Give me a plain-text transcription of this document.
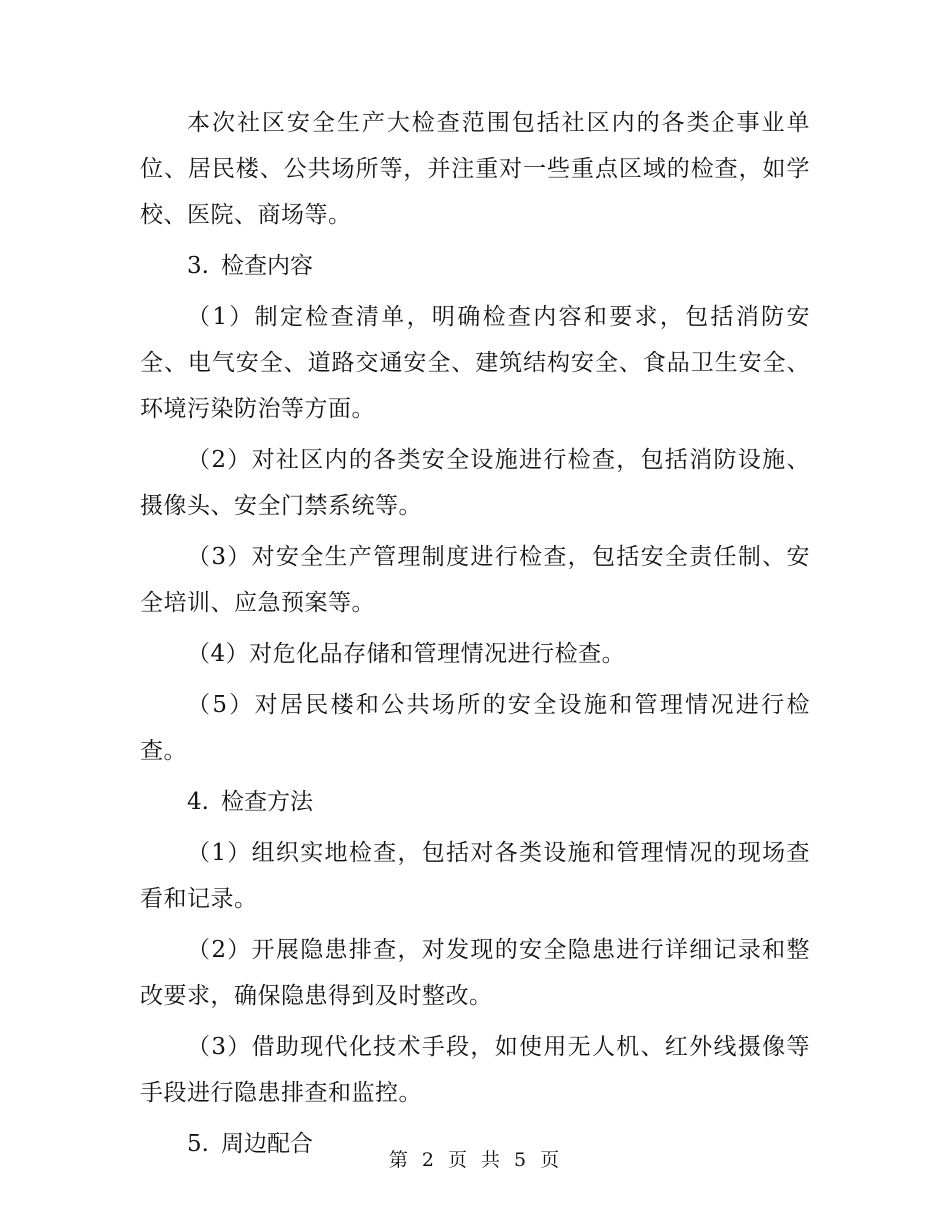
本次社区安全生产大检查范围包括社区内的各类企事业单位、居民楼、公共场所等，并注重对一些重点区域的检查，如学校、医院、商场等。

3. 检查内容

（1）制定检查清单，明确检查内容和要求，包括消防安全、电气安全、道路交通安全、建筑结构安全、食品卫生安全、环境污染防治等方面。

（2）对社区内的各类安全设施进行检查，包括消防设施、摄像头、安全门禁系统等。

（3）对安全生产管理制度进行检查，包括安全责任制、安全培训、应急预案等。

（4）对危化品存储和管理情况进行检查。

（5）对居民楼和公共场所的安全设施和管理情况进行检查。

4. 检查方法

（1）组织实地检查，包括对各类设施和管理情况的现场查看和记录。

（2）开展隐患排查，对发现的安全隐患进行详细记录和整改要求，确保隐患得到及时整改。

（3）借助现代化技术手段，如使用无人机、红外线摄像等手段进行隐患排查和监控。

5. 周边配合

第 2 页 共 5 页
